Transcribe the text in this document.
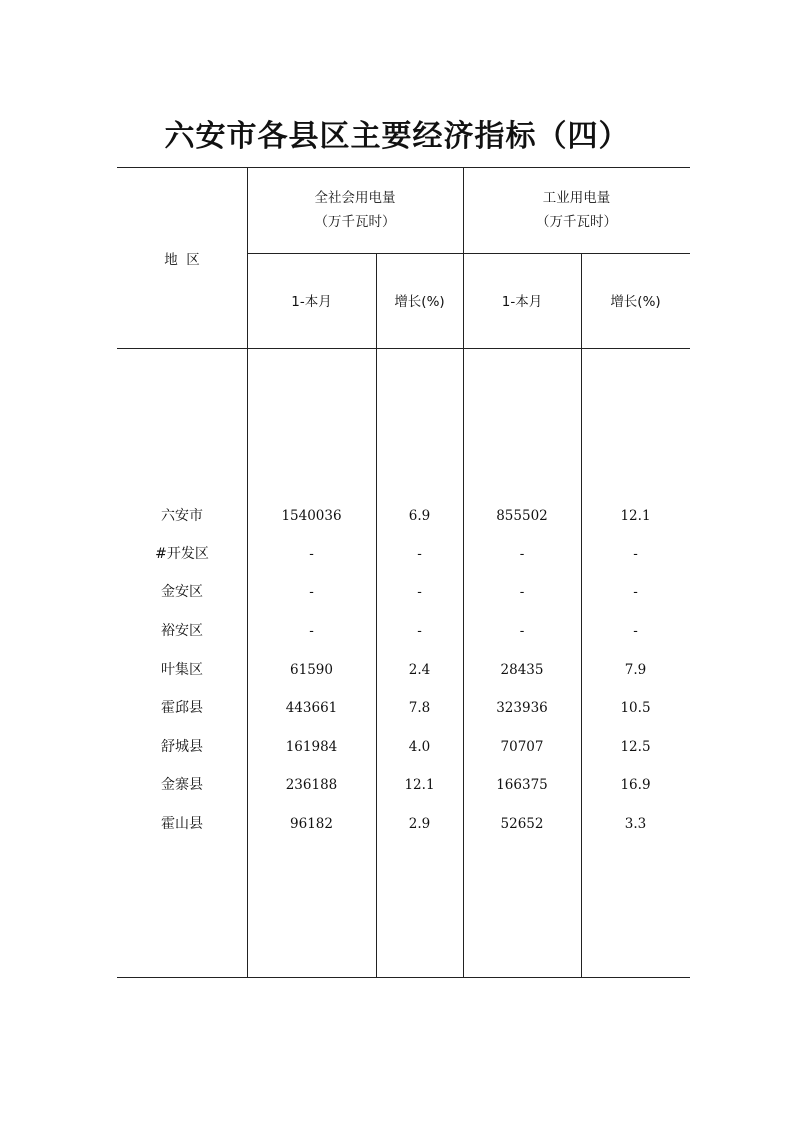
六安市各县区主要经济指标（四）
地  区
全社会用电量
（万千瓦时）
工业用电量
（万千瓦时）
1-本月	增长(%)	1-本月	增长(%)
六安市	1540036	6.9	855502	12.1
#开发区	-	-	-	-
金安区	-	-	-	-
裕安区	-	-	-	-
叶集区	61590	2.4	28435	7.9
霍邱县	443661	7.8	323936	10.5
舒城县	161984	4.0	70707	12.5
金寨县	236188	12.1	166375	16.9
霍山县	96182	2.9	52652	3.3
